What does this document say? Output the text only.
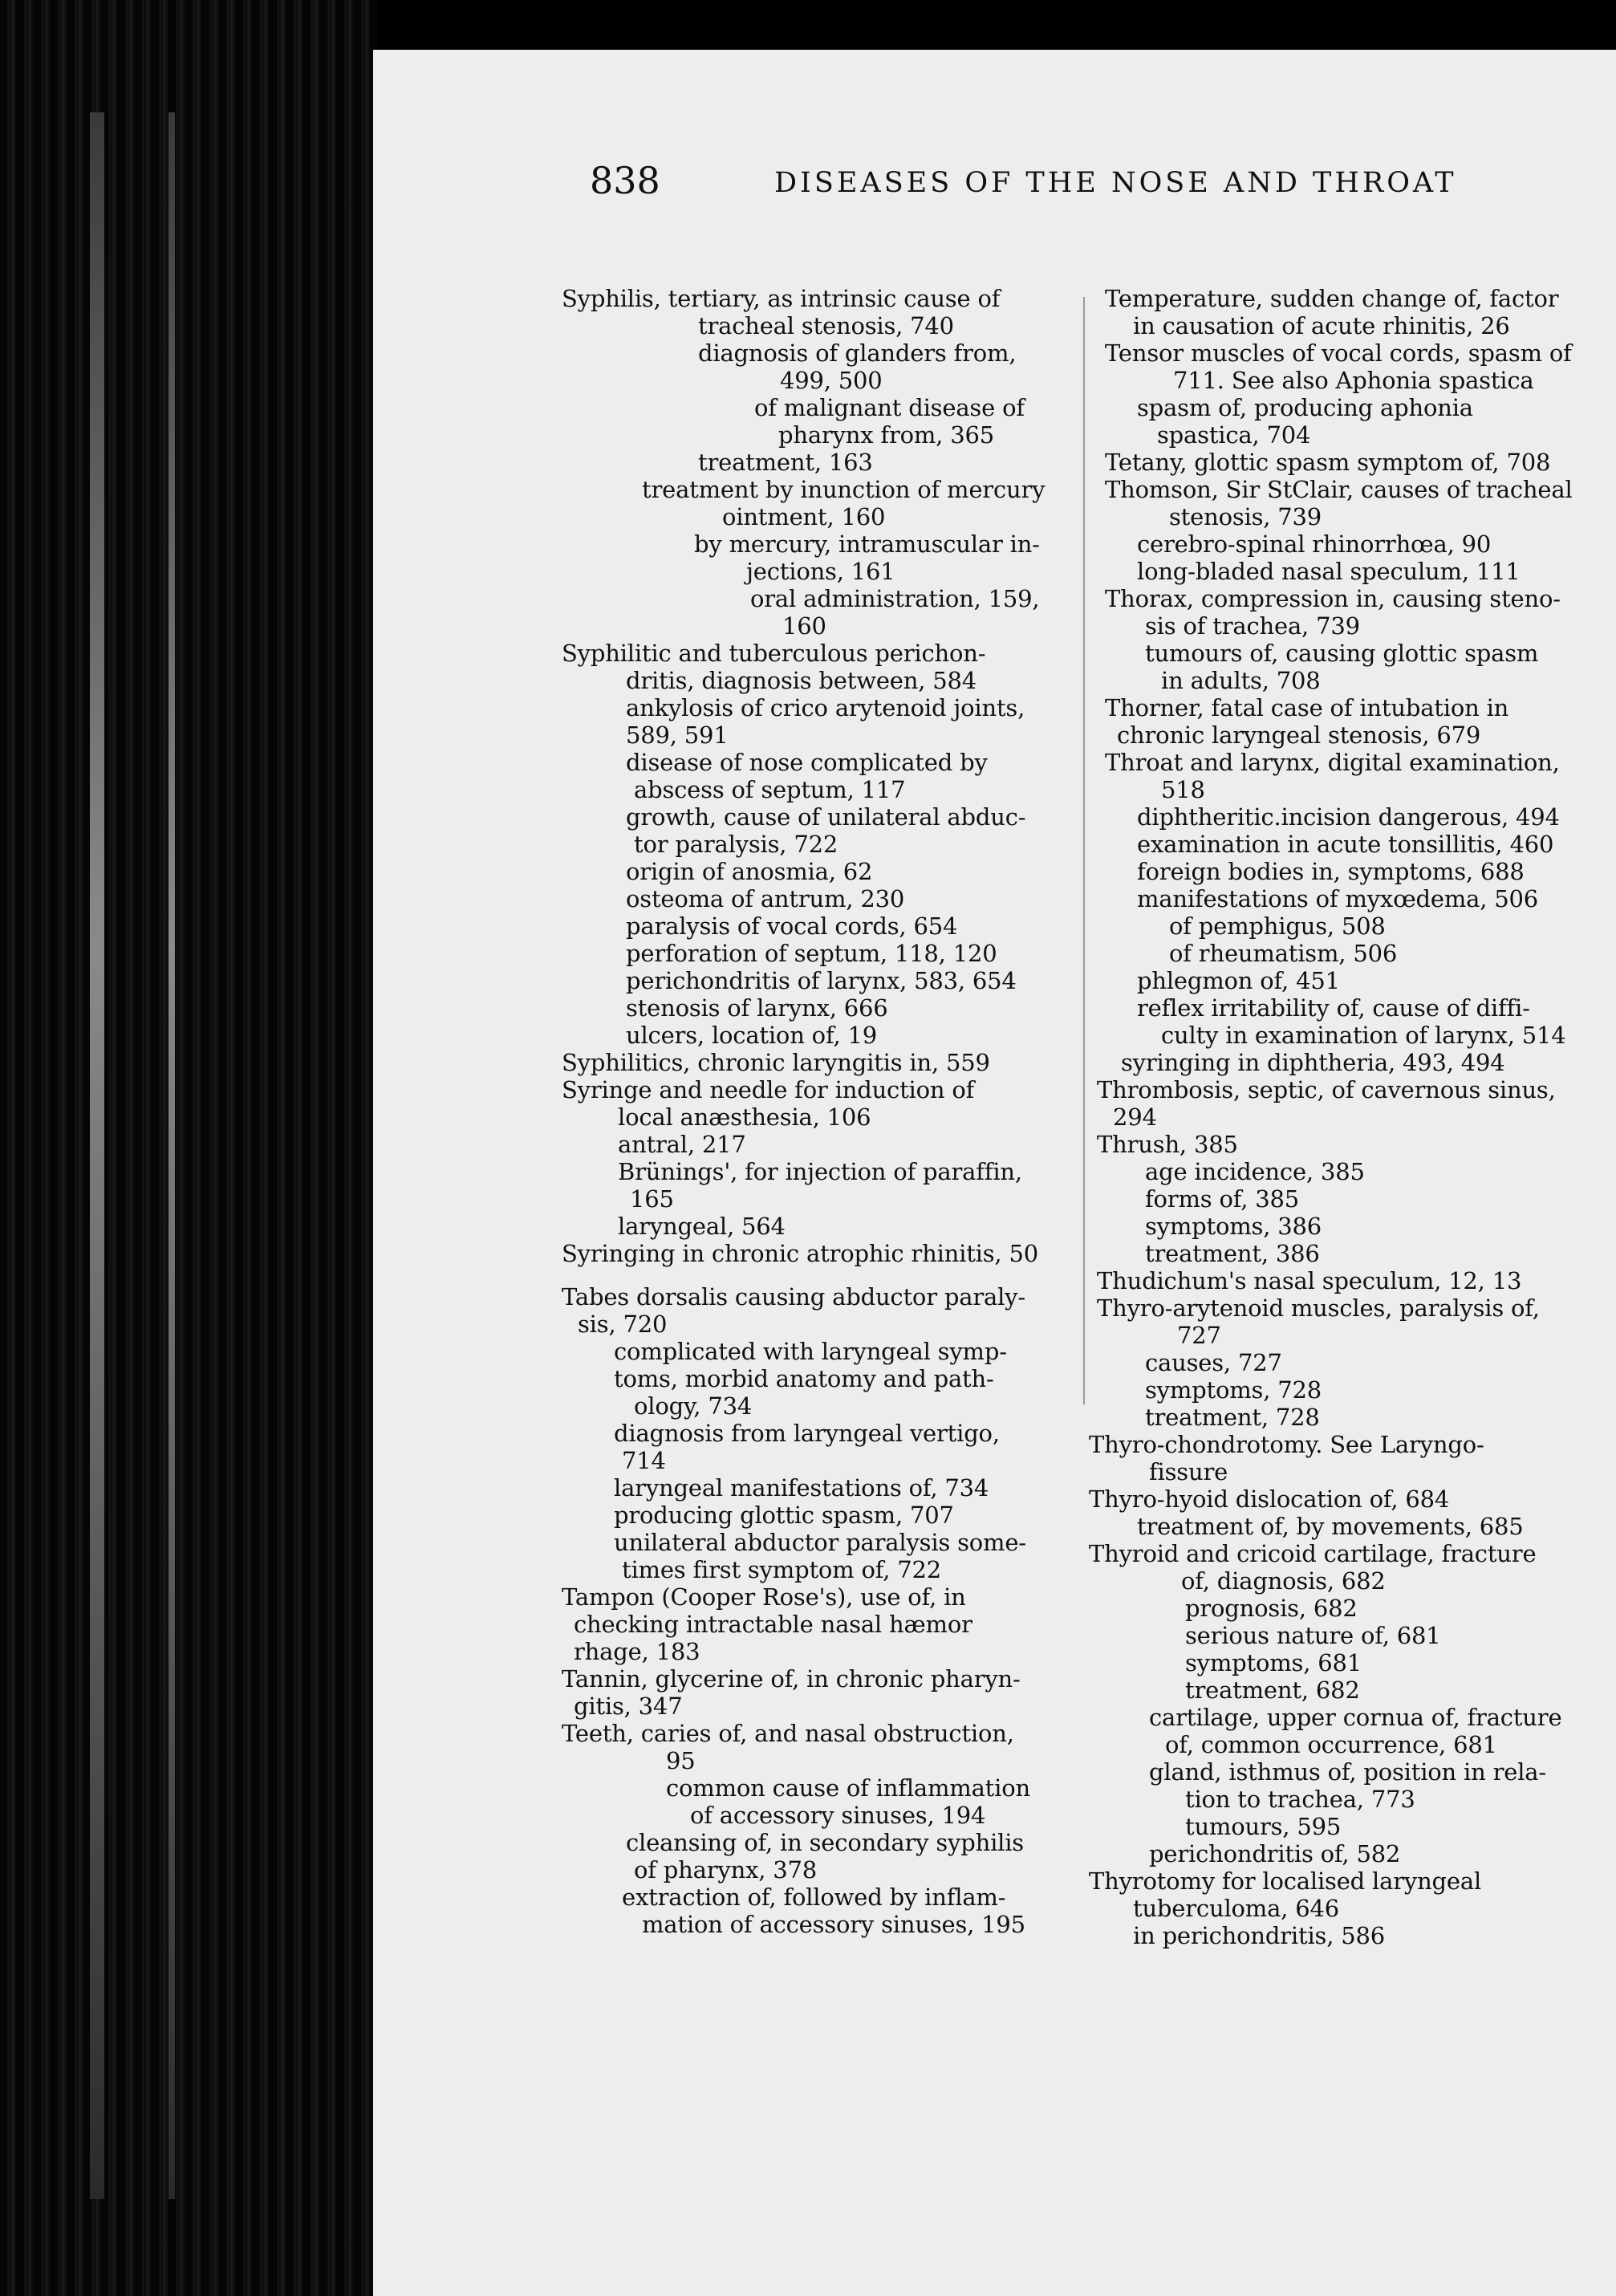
838	DISEASES OF THE NOSE AND THROAT
Syphilis, tertiary, as intrinsic cause of
tracheal stenosis, 740
diagnosis of glanders from,
499, 500
of malignant disease of
pharynx from, 365
treatment, 163
treatment by inunction of mercury
ointment, 160
by mercury, intramuscular in-
jections, 161
oral administration, 159,
160
Syphilitic and tuberculous perichon-
dritis, diagnosis between, 584
ankylosis of crico arytenoid joints,
589, 591
disease of nose complicated by
abscess of septum, 117
growth, cause of unilateral abduc-
tor paralysis, 722
origin of anosmia, 62
osteoma of antrum, 230
paralysis of vocal cords, 654
perforation of septum, 118, 120
perichondritis of larynx, 583, 654
stenosis of larynx, 666
ulcers, location of, 19
Syphilitics, chronic laryngitis in, 559
Syringe and needle for induction of
local anæsthesia, 106
antral, 217
Brünings', for injection of paraffin,
165
laryngeal, 564
Syringing in chronic atrophic rhinitis, 50
Tabes dorsalis causing abductor paraly-
sis, 720
complicated with laryngeal symp-
toms, morbid anatomy and path-
ology, 734
diagnosis from laryngeal vertigo,
714
laryngeal manifestations of, 734
producing glottic spasm, 707
unilateral abductor paralysis some-
times first symptom of, 722
Tampon (Cooper Rose's), use of, in
checking intractable nasal hæmor
rhage, 183
Tannin, glycerine of, in chronic pharyn-
gitis, 347
Teeth, caries of, and nasal obstruction,
95
common cause of inflammation
of accessory sinuses, 194
cleansing of, in secondary syphilis
of pharynx, 378
extraction of, followed by inflam-
mation of accessory sinuses, 195
Temperature, sudden change of, factor
in causation of acute rhinitis, 26
Tensor muscles of vocal cords, spasm of
711. See also Aphonia spastica
spasm of, producing aphonia
spastica, 704
Tetany, glottic spasm symptom of, 708
Thomson, Sir StClair, causes of tracheal
stenosis, 739
cerebro-spinal rhinorrhœa, 90
long-bladed nasal speculum, 111
Thorax, compression in, causing steno-
sis of trachea, 739
tumours of, causing glottic spasm
in adults, 708
Thorner, fatal case of intubation in
chronic laryngeal stenosis, 679
Throat and larynx, digital examination,
518
diphtheritic.incision dangerous, 494
examination in acute tonsillitis, 460
foreign bodies in, symptoms, 688
manifestations of myxœdema, 506
of pemphigus, 508
of rheumatism, 506
phlegmon of, 451
reflex irritability of, cause of diffi-
culty in examination of larynx, 514
syringing in diphtheria, 493, 494
Thrombosis, septic, of cavernous sinus,
294
Thrush, 385
age incidence, 385
forms of, 385
symptoms, 386
treatment, 386
Thudichum's nasal speculum, 12, 13
Thyro-arytenoid muscles, paralysis of,
727
causes, 727
symptoms, 728
treatment, 728
Thyro-chondrotomy. See Laryngo-
fissure
Thyro-hyoid dislocation of, 684
treatment of, by movements, 685
Thyroid and cricoid cartilage, fracture
of, diagnosis, 682
prognosis, 682
serious nature of, 681
symptoms, 681
treatment, 682
cartilage, upper cornua of, fracture
of, common occurrence, 681
gland, isthmus of, position in rela-
tion to trachea, 773
tumours, 595
perichondritis of, 582
Thyrotomy for localised laryngeal
tuberculoma, 646
in perichondritis, 586
